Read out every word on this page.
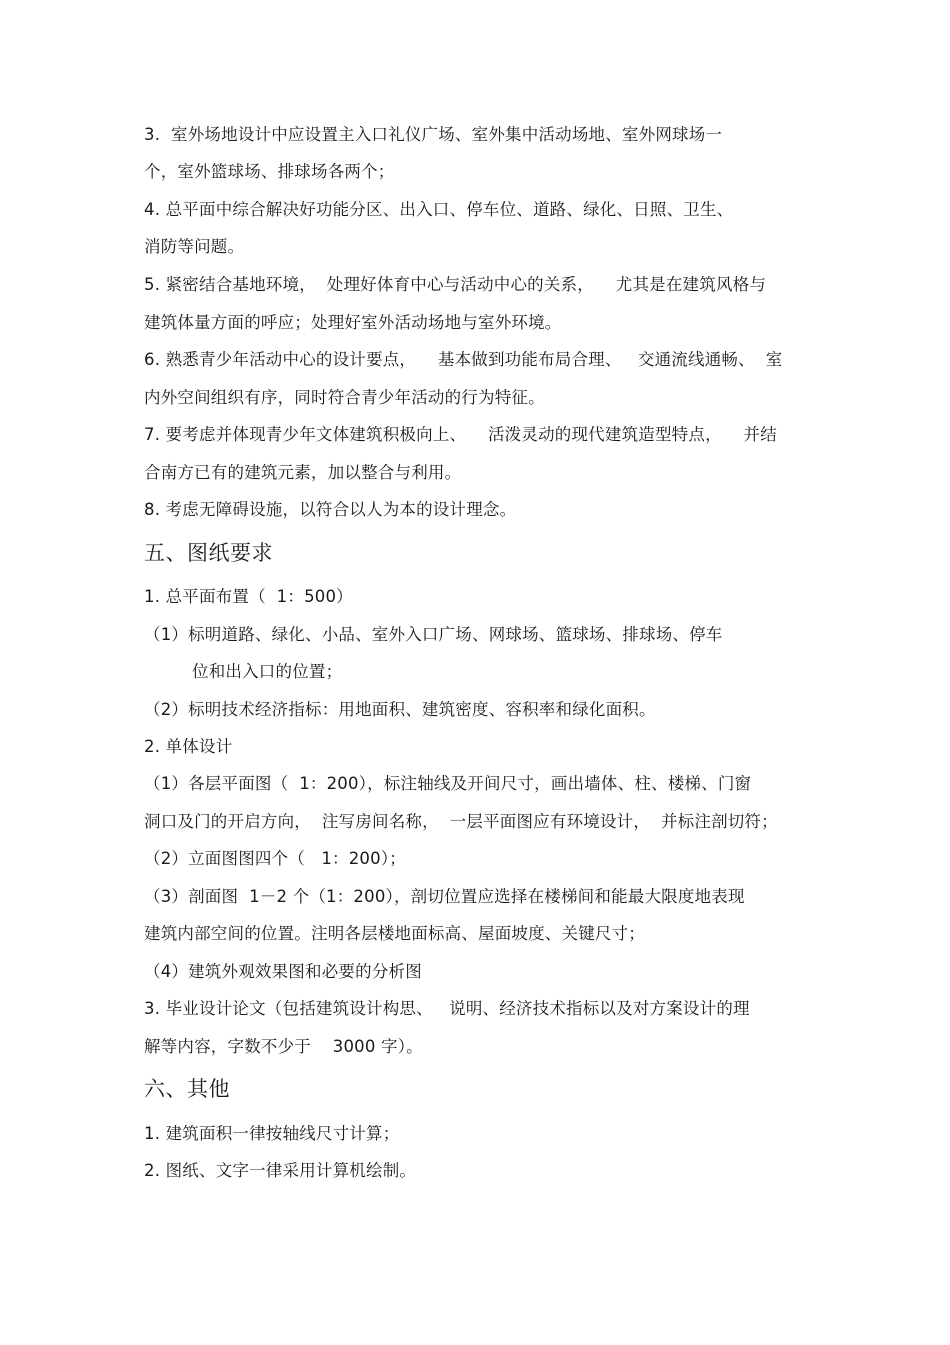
3.  室外场地设计中应设置主入口礼仪广场、室外集中活动场地、室外网球场一
个，室外篮球场、排球场各两个；
4. 总平面中综合解决好功能分区、出入口、停车位、道路、绿化、日照、卫生、
消防等问题。
5. 紧密结合基地环境，  处理好体育中心与活动中心的关系，    尤其是在建筑风格与
建筑体量方面的呼应；处理好室外活动场地与室外环境。
6. 熟悉青少年活动中心的设计要点，    基本做到功能布局合理、   交通流线通畅、  室
内外空间组织有序，同时符合青少年活动的行为特征。
7. 要考虑并体现青少年文体建筑积极向上、    活泼灵动的现代建筑造型特点，    并结
合南方已有的建筑元素，加以整合与利用。
8. 考虑无障碍设施，以符合以人为本的设计理念。
五、图纸要求
1. 总平面布置（  1：500）
（1）标明道路、绿化、小品、室外入口广场、网球场、篮球场、排球场、停车
位和出入口的位置；
（2）标明技术经济指标：用地面积、建筑密度、容积率和绿化面积。
2. 单体设计
（1）各层平面图（  1：200），标注轴线及开间尺寸，画出墙体、柱、楼梯、门窗
洞口及门的开启方向，  注写房间名称，  一层平面图应有环境设计，  并标注剖切符；
（2）立面图图四个（   1：200）；
（3）剖面图  1－2 个（1：200），剖切位置应选择在楼梯间和能最大限度地表现
建筑内部空间的位置。注明各层楼地面标高、屋面坡度、关键尺寸；
（4）建筑外观效果图和必要的分析图
3. 毕业设计论文（包括建筑设计构思、   说明、经济技术指标以及对方案设计的理
解等内容，字数不少于    3000 字）。
六、其他
1. 建筑面积一律按轴线尺寸计算；
2. 图纸、文字一律采用计算机绘制。
